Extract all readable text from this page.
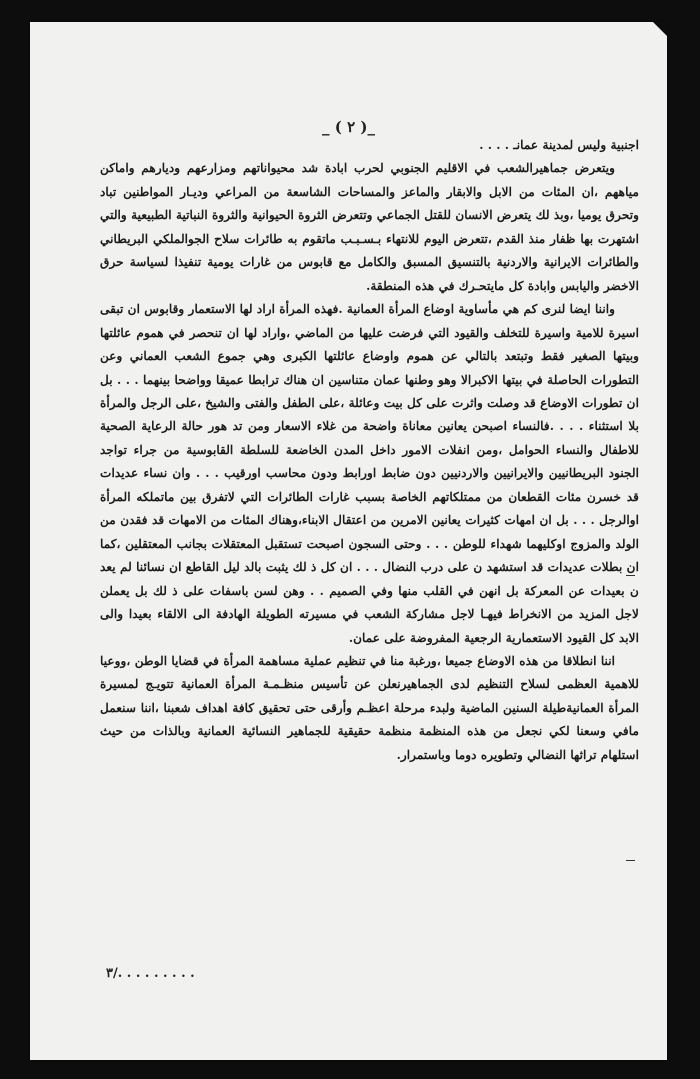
_ ( ٢ )_

اجنبية وليس لمدينة عمانـ . . . .

ويتعرض جماهيرالشعب في الاقليم الجنوبي لحرب ابادة شد محيواناتهم ومزارعهم وديارهم واماكن مياههم ،ان المئات من الابل والابقار والماعز والمساحات الشاسعة من المراعي وديـار المواطنين تباد وتحرق يوميا ،وبذ لك يتعرض الانسان للقتل الجماعي وتتعرض الثروة الحيوانية والثروة النباتية الطبيعية والتي اشتهرت بها ظفار منذ القدم ،تتعرض اليوم للانتهاء بـسـبـب ماتقوم به طائرات سلاح الجوالملكي البريطاني والطائرات الايرانية والاردنية بالتنسيق المسبق والكامل مع قابوس من غارات يومية تنفيذا لسياسة حرق الاخضر واليابس وابادة كل مايتحـرك في هذه المنطقة.

واننا ايضا لنرى كم هي مأساوية اوضاع المرأة العمانية .فهذه المرأة اراد لها الاستعمار وقابوس ان تبقى اسيرة للامية واسيرة للتخلف والقيود التي فرضت عليها من الماضي ،واراد لها ان تنحصر في هموم عائلتها وبيتها الصغير فقط وتبتعد بالتالي عن هموم واوضاع عائلتها الكبرى وهي جموع الشعب العماني وعن التطورات الحاصلة في بيتها الاكبرالا وهو وطنها عمان متناسين ان هناك ترابطا عميقا وواضحا بينهما . . . بل ان تطورات الاوضاع قد وصلت واثرت على كل بيت وعائلة ،على الطفل والفتى والشيخ ،على الرجل والمرأة بلا استثناء . . . .فالنساء اصبحن يعانين معاناة واضحة من غلاء الاسعار ومن تد هور حالة الرعاية الصحية للاطفال والنساء الحوامل ،ومن انفلات الامور داخل المدن الخاضعة للسلطة القابوسية من جراء تواجد الجنود البريطانيين والايرانيين والاردنيين دون ضابط اورابط ودون محاسب اورقيب . . . وان نساء عديدات قد خسرن مئات القطعان من ممتلكاتهم الخاصة بسبب غارات الطائرات التي لاتفرق بين ماتملكه المرأة اوالرجل . . . بل ان امهات كثيرات يعانين الامرين من اعتقال الابناء،وهناك المئات من الامهات قد فقدن من الولد والمزوج اوكليهما شهداء للوطن . . . وحتى السجون اصبحت تستقبل المعتقلات بجانب المعتقلين ،كما ان بطلات عديدات قد استشهد ن على درب النضال . . . ان كل ذ لك يثبت بالد ليل القاطع ان نسائنا لم يعد ن بعيدات عن المعركة بل انهن في القلب منها وفي الصميم . . وهن لسن باسفات على ذ لك بل يعملن لاجل المزيد من الانخراط فيهـا لاجل مشاركة الشعب في مسيرته الطويلة الهادفة الى الالقاء بعيدا والى الابد كل القيود الاستعمارية الرجعية المفروضة على عمان.

اننا انطلاقا من هذه الاوضاع جميعا ،ورغبة منا في تنظيم عملية مساهمة المرأة في قضايا الوطن ،ووعيا للاهمية العظمى لسلاح التنظيم لدى الجماهيرنعلن عن تأسيس منظـمـة المرأة العمانية تتويـج لمسيرة المرأة العمانيةطيلة السنين الماضية ولبدء مرحلة اعظـم وأرقى حتى تحقيق كافة اهداف شعبنا ،اننا سنعمل مافي وسعنا لكي نجعل من هذه المنظمة منظمة حقيقية للجماهير النسائية العمانية وبالذات من حيث استلهام تراثها النضالي وتطويره دوما وباستمرار.

٣/. . . . . . . . .
